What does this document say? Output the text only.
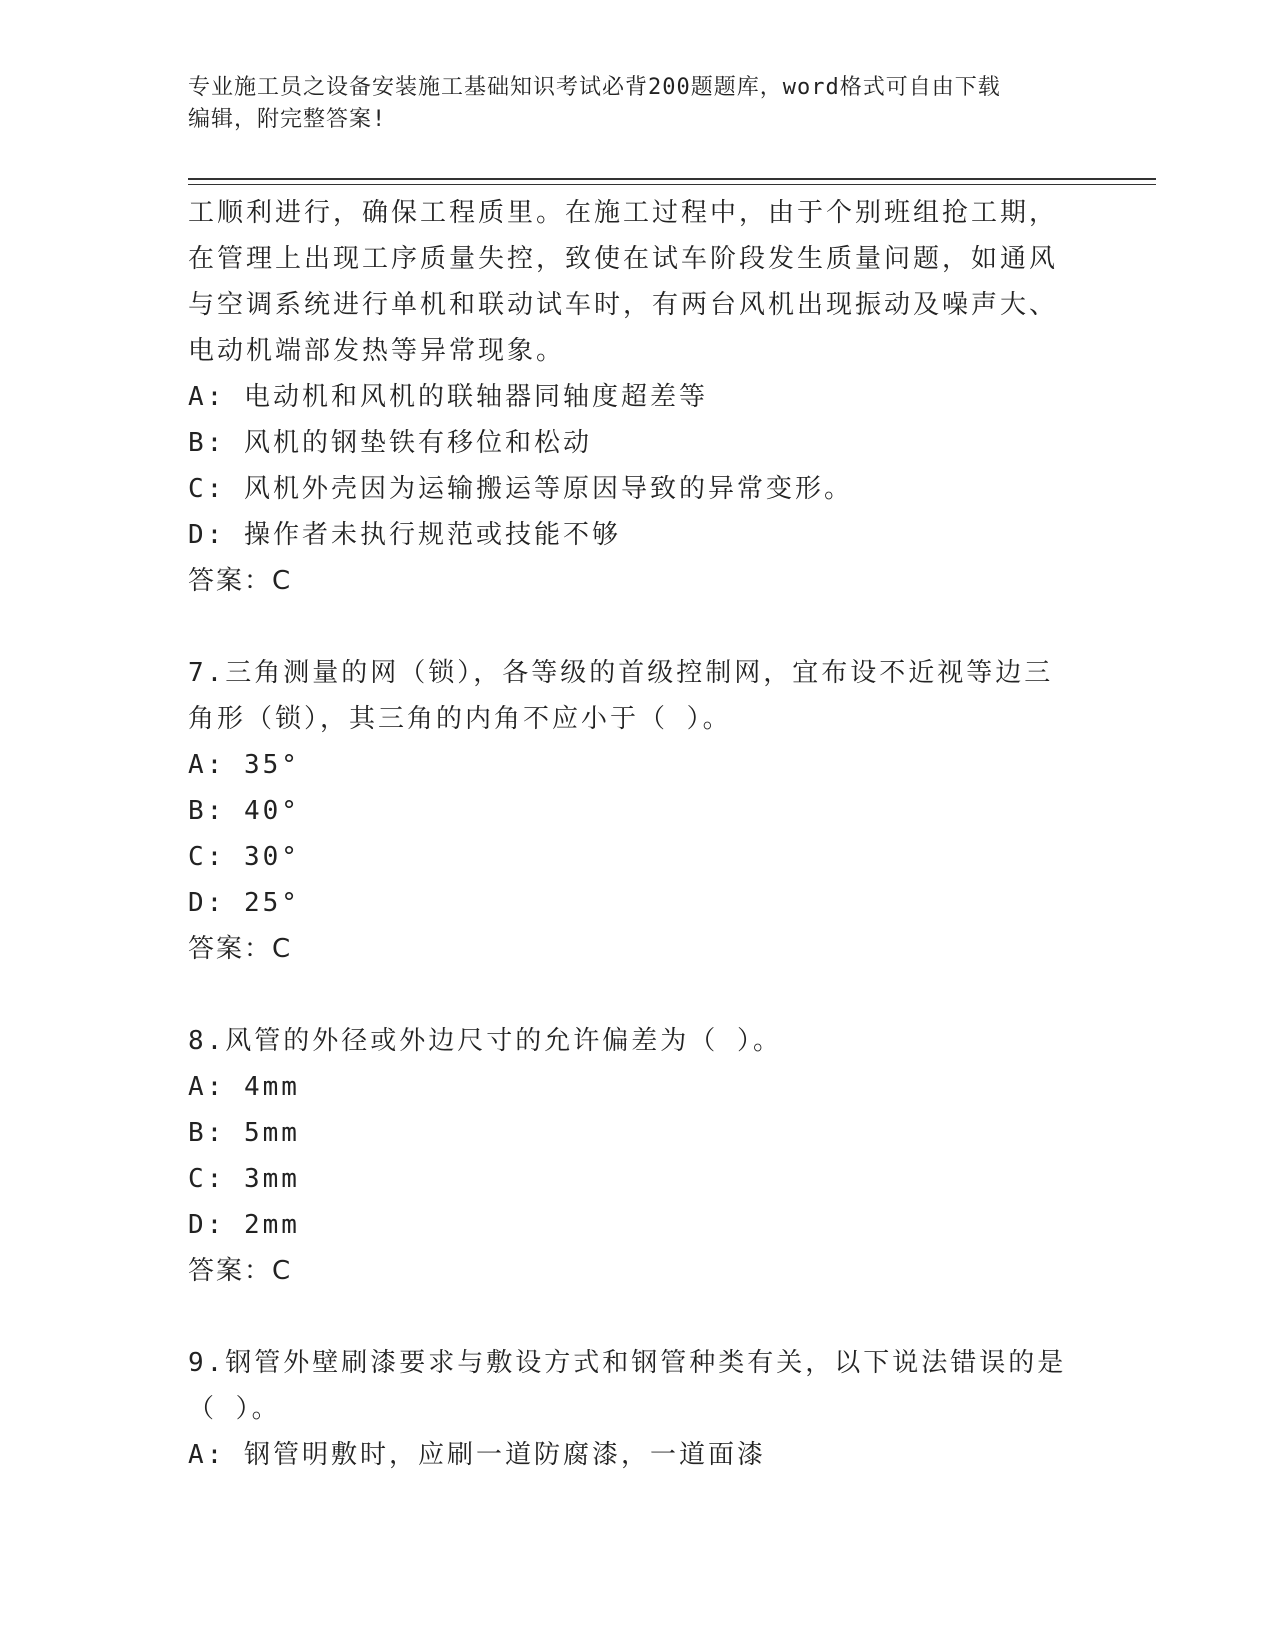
专业施工员之设备安装施工基础知识考试必背200题题库，word格式可自由下载
编辑，附完整答案!
工顺利进行，确保工程质里。在施工过程中，由于个别班组抢工期，
在管理上出现工序质量失控，致使在试车阶段发生质量问题，如通风
与空调系统进行单机和联动试车时，有两台风机出现振动及噪声大、
电动机端部发热等异常现象。
A: 电动机和风机的联轴器同轴度超差等
B: 风机的钢垫铁有移位和松动
C: 风机外壳因为运输搬运等原因导致的异常变形。
D: 操作者未执行规范或技能不够
答案：C
7.三角测量的网（锁），各等级的首级控制网，宜布设不近视等边三
角形（锁），其三角的内角不应小于（ ）。
A: 35°
B: 40°
C: 30°
D: 25°
答案：C
8.风管的外径或外边尺寸的允许偏差为（ ）。
A: 4mm
B: 5mm
C: 3mm
D: 2mm
答案：C
9.钢管外壁刷漆要求与敷设方式和钢管种类有关，以下说法错误的是
（ ）。
A: 钢管明敷时，应刷一道防腐漆，一道面漆
